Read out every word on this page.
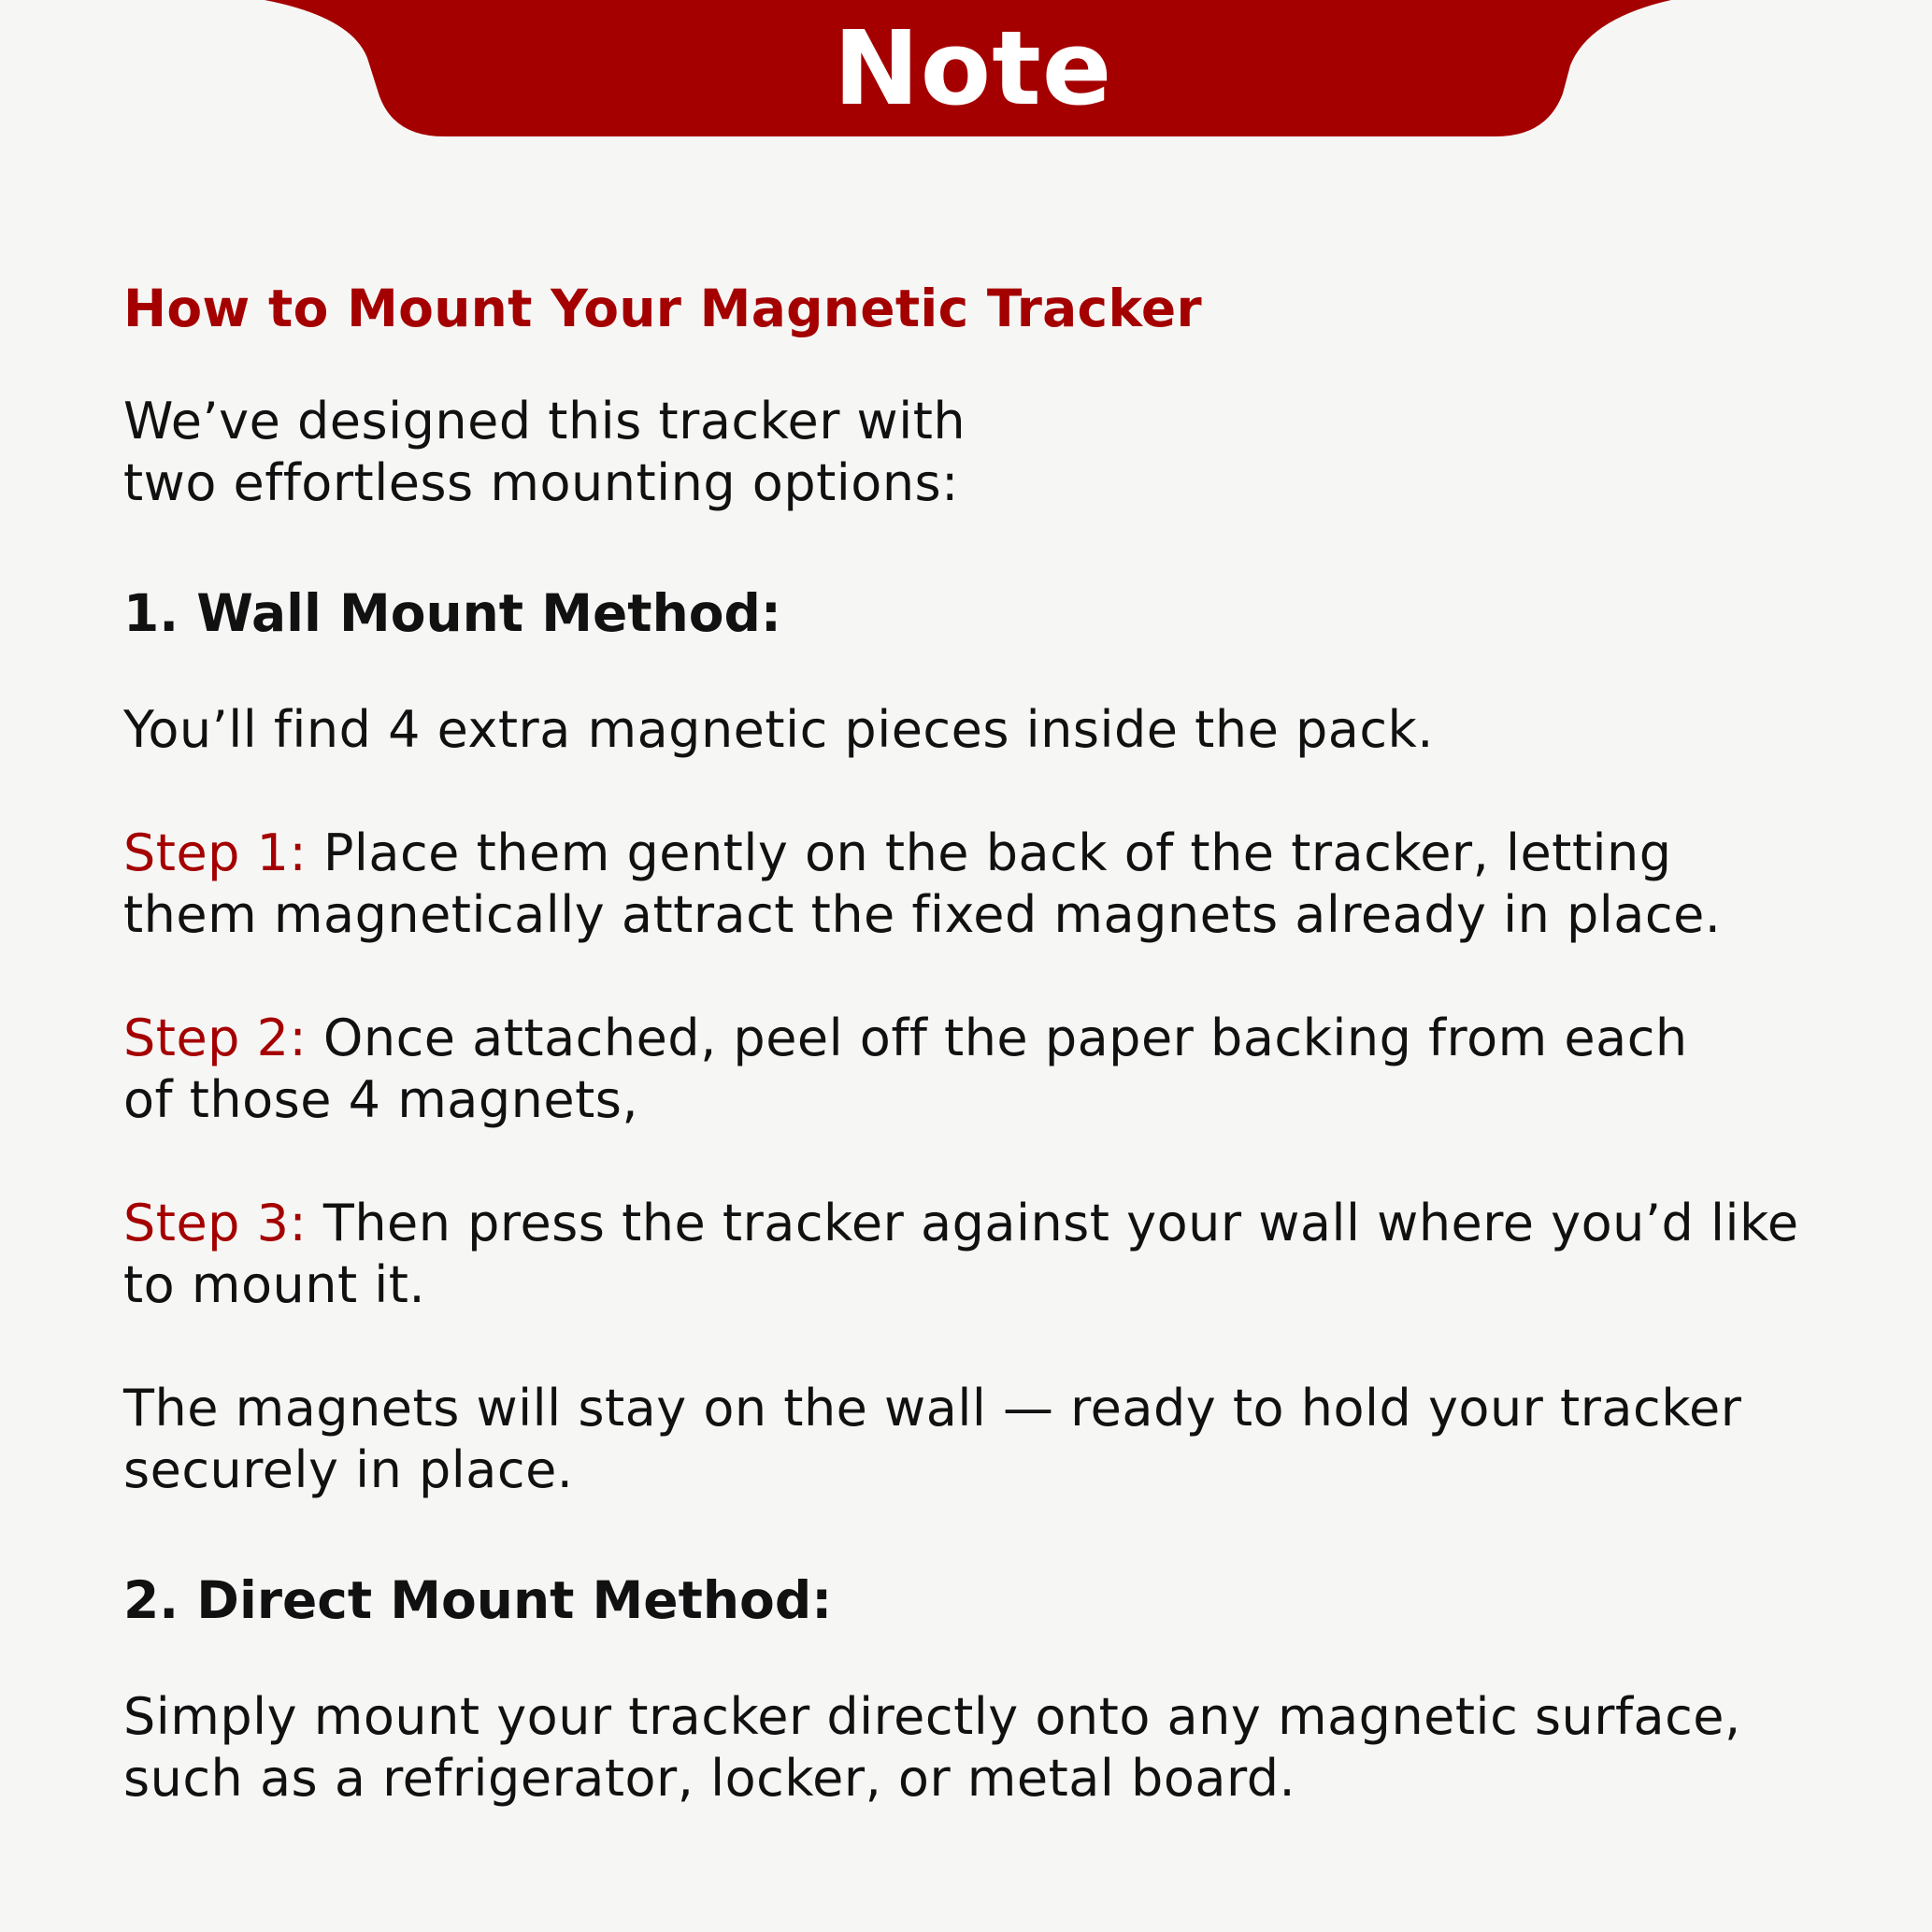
Note
How to Mount Your Magnetic Tracker
We’ve designed this tracker with
two effortless mounting options:
1. Wall Mount Method:
You’ll find 4 extra magnetic pieces inside the pack.
Step 1: Place them gently on the back of the tracker, letting
them magnetically attract the fixed magnets already in place.
Step 2: Once attached, peel off the paper backing from each
of those 4 magnets,
Step 3: Then press the tracker against your wall where you’d like
to mount it.
The magnets will stay on the wall — ready to hold your tracker
securely in place.
2. Direct Mount Method:
Simply mount your tracker directly onto any magnetic surface,
such as a refrigerator, locker, or metal board.
